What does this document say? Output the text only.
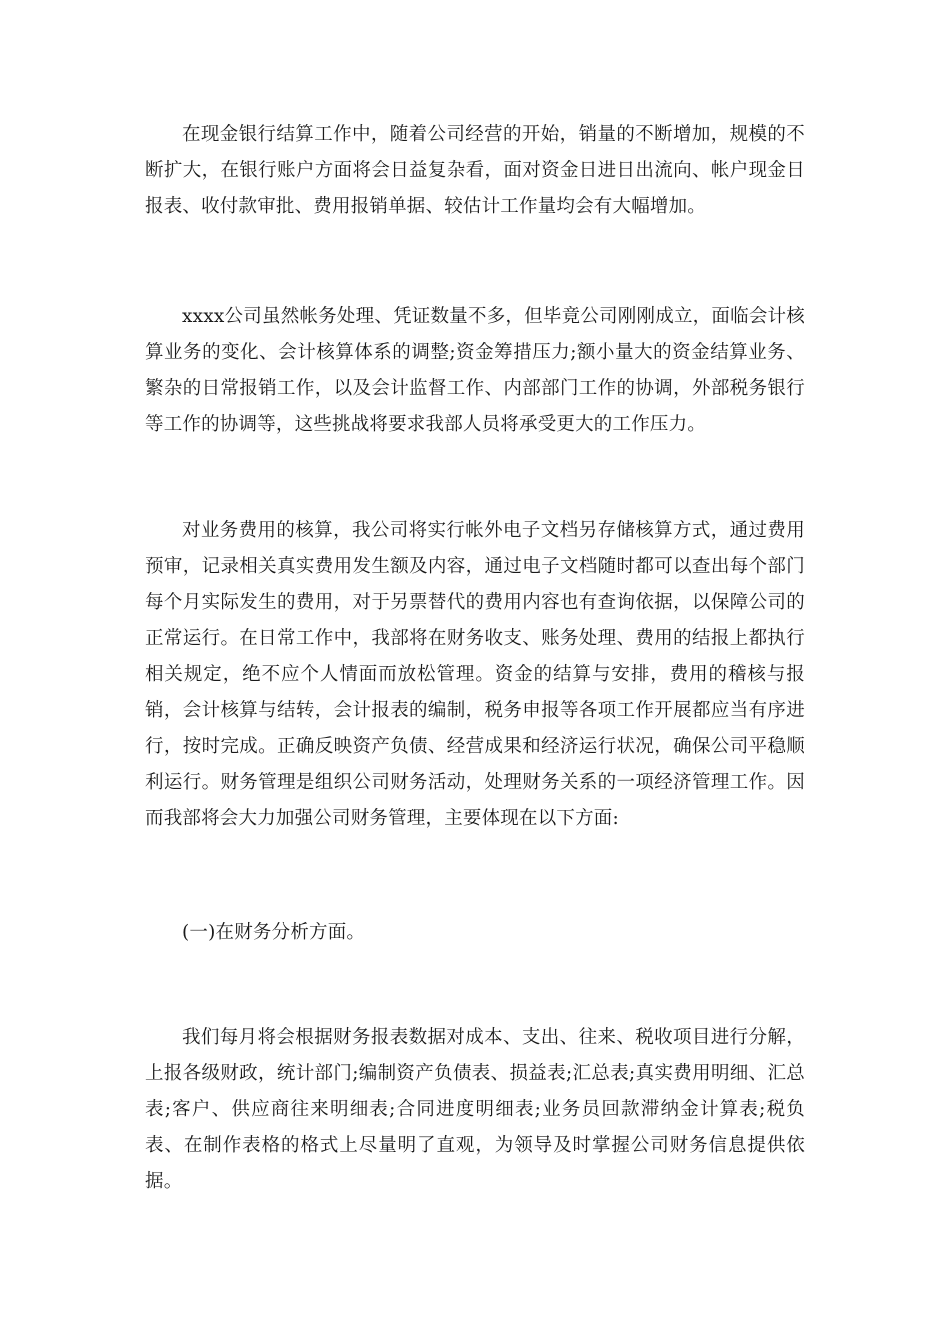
在现金银行结算工作中，随着公司经营的开始，销量的不断增加，规模的不断扩大，在银行账户方面将会日益复杂看，面对资金日进日出流向、帐户现金日报表、收付款审批、费用报销单据、较估计工作量均会有大幅增加。

xxxx公司虽然帐务处理、凭证数量不多，但毕竟公司刚刚成立，面临会计核算业务的变化、会计核算体系的调整;资金筹措压力;额小量大的资金结算业务、繁杂的日常报销工作，以及会计监督工作、内部部门工作的协调，外部税务银行等工作的协调等，这些挑战将要求我部人员将承受更大的工作压力。

对业务费用的核算，我公司将实行帐外电子文档另存储核算方式，通过费用预审，记录相关真实费用发生额及内容，通过电子文档随时都可以查出每个部门每个月实际发生的费用，对于另票替代的费用内容也有查询依据，以保障公司的正常运行。在日常工作中，我部将在财务收支、账务处理、费用的结报上都执行相关规定，绝不应个人情面而放松管理。资金的结算与安排，费用的稽核与报销，会计核算与结转，会计报表的编制，税务申报等各项工作开展都应当有序进行，按时完成。正确反映资产负债、经营成果和经济运行状况，确保公司平稳顺利运行。财务管理是组织公司财务活动，处理财务关系的一项经济管理工作。因而我部将会大力加强公司财务管理，主要体现在以下方面:

(一)在财务分析方面。

我们每月将会根据财务报表数据对成本、支出、往来、税收项目进行分解，上报各级财政，统计部门;编制资产负债表、损益表;汇总表;真实费用明细、汇总表;客户、供应商往来明细表;合同进度明细表;业务员回款滞纳金计算表;税负表、在制作表格的格式上尽量明了直观，为领导及时掌握公司财务信息提供依据。
